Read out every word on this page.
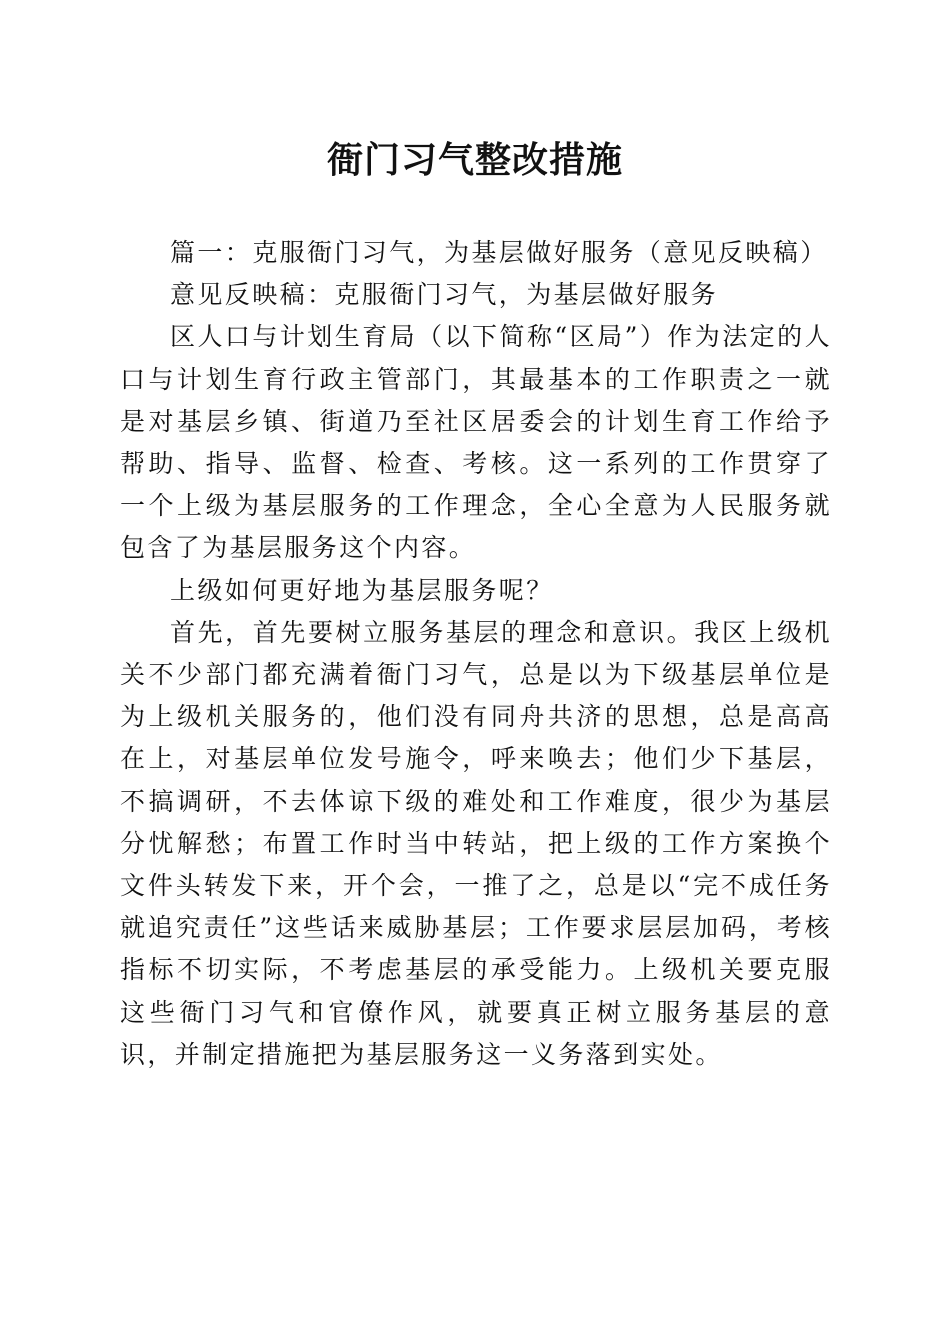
衙门习气整改措施

篇一：克服衙门习气，为基层做好服务（意见反映稿）

意见反映稿：克服衙门习气，为基层做好服务

区人口与计划生育局（以下简称“区局”）作为法定的人口与计划生育行政主管部门，其最基本的工作职责之一就是对基层乡镇、街道乃至社区居委会的计划生育工作给予帮助、指导、监督、检查、考核。这一系列的工作贯穿了一个上级为基层服务的工作理念，全心全意为人民服务就包含了为基层服务这个内容。

上级如何更好地为基层服务呢？

首先，首先要树立服务基层的理念和意识。我区上级机关不少部门都充满着衙门习气，总是以为下级基层单位是为上级机关服务的，他们没有同舟共济的思想，总是高高在上，对基层单位发号施令，呼来唤去；他们少下基层，不搞调研，不去体谅下级的难处和工作难度，很少为基层分忧解愁；布置工作时当中转站，把上级的工作方案换个文件头转发下来，开个会，一推了之，总是以“完不成任务就追究责任”这些话来威胁基层；工作要求层层加码，考核指标不切实际，不考虑基层的承受能力。上级机关要克服这些衙门习气和官僚作风，就要真正树立服务基层的意识，并制定措施把为基层服务这一义务落到实处。
